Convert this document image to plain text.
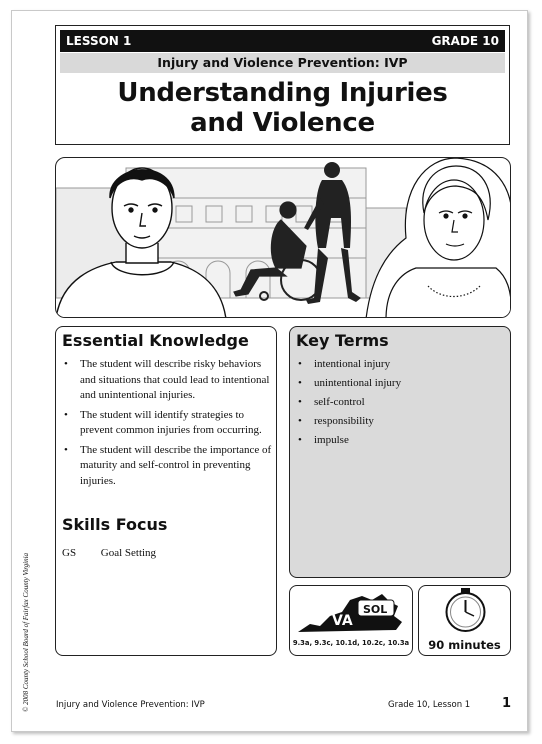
LESSON 1	GRADE 10
Injury and Violence Prevention: IVP
Understanding Injuries
and Violence
Essential Knowledge
• The student will describe risky behaviors and situations that could lead to intentional and unintentional injuries.
• The student will identify strategies to prevent common injuries from occurring.
• The student will describe the importance of maturity and self-control in preventing injuries.
Skills Focus
GS Goal Setting
Key Terms
• intentional injury
• unintentional injury
• self-control
• responsibility
• impulse
VA
SOL
9.3a, 9.3c, 10.1d, 10.2c, 10.3a	90 minutes
Injury and Violence Prevention: IVP	Grade 10, Lesson 1 1
© 2008 County School Board of Fairfax County Virginia
